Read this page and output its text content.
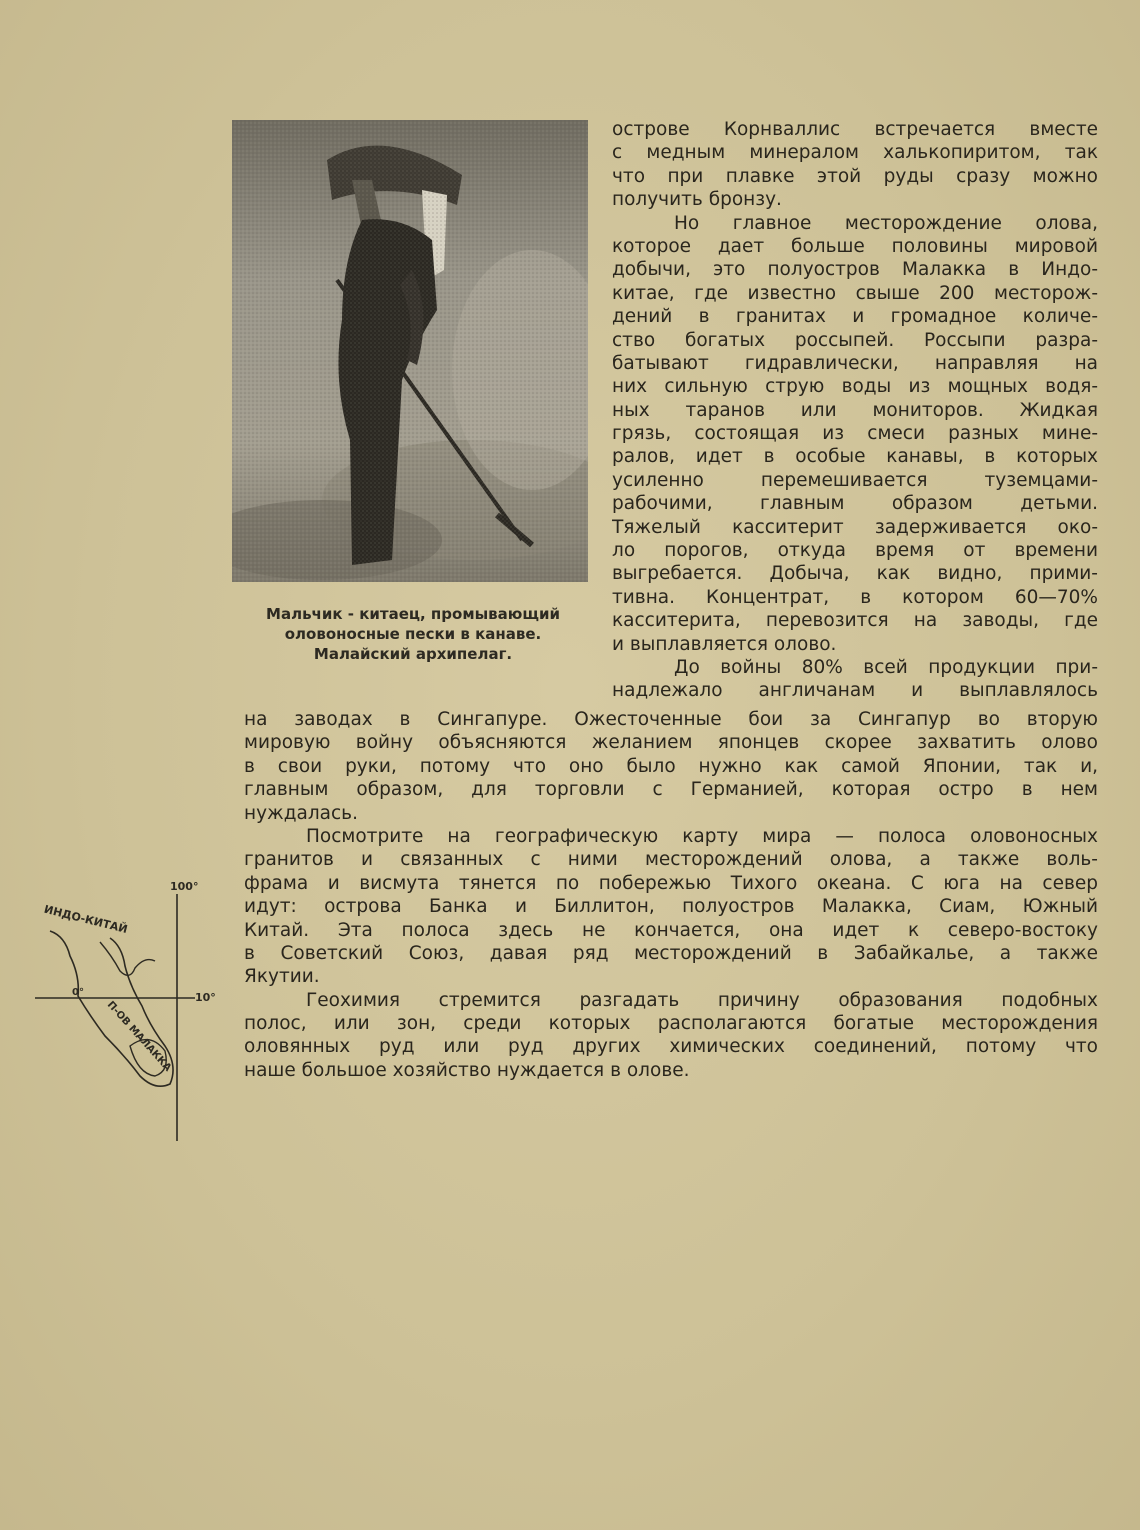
Мальчик - китаец, промывающий
оловоносные пески в канаве.
Малайский архипелаг.
острове Корнваллис встречается вместе
с медным минералом халькопиритом, так
что при плавке этой руды сразу можно
получить бронзу.
Но главное месторождение олова,
которое дает больше половины мировой
добычи, это полуостров Малакка в Индо-
китае, где известно свыше 200 месторож-
дений в гранитах и громадное количе-
ство богатых россыпей. Россыпи разра-
батывают гидравлически, направляя на
них сильную струю воды из мощных водя-
ных таранов или мониторов. Жидкая
грязь, состоящая из смеси разных мине-
ралов, идет в особые канавы, в которых
усиленно перемешивается туземцами-
рабочими, главным образом детьми.
Тяжелый касситерит задерживается око-
ло порогов, откуда время от времени
выгребается. Добыча, как видно, прими-
тивна. Концентрат, в котором 60—70%
касситерита, перевозится на заводы, где
и выплавляется олово.
До войны 80% всей продукции при-
надлежало англичанам и выплавлялось
на заводах в Сингапуре. Ожесточенные бои за Сингапур во вторую
мировую войну объясняются желанием японцев скорее захватить олово
в свои руки, потому что оно было нужно как самой Японии, так и,
главным образом, для торговли с Германией, которая остро в нем
нуждалась.
Посмотрите на географическую карту мира — полоса оловоносных
гранитов и связанных с ними месторождений олова, а также воль-
фрама и висмута тянется по побережью Тихого океана. С юга на север
идут: острова Банка и Биллитон, полуостров Малакка, Сиам, Южный
Китай. Эта полоса здесь не кончается, она идет к северо-востоку
в Советский Союз, давая ряд месторождений в Забайкалье, а также
Якутии.
Геохимия стремится разгадать причину образования подобных
полос, или зон, среди которых располагаются богатые месторождения
оловянных руд или руд других химических соединений, потому что
наше большое хозяйство нуждается в олове.
100°
10°
0°
ИНДО-КИТАЙ
П-ОВ МАЛАККА
